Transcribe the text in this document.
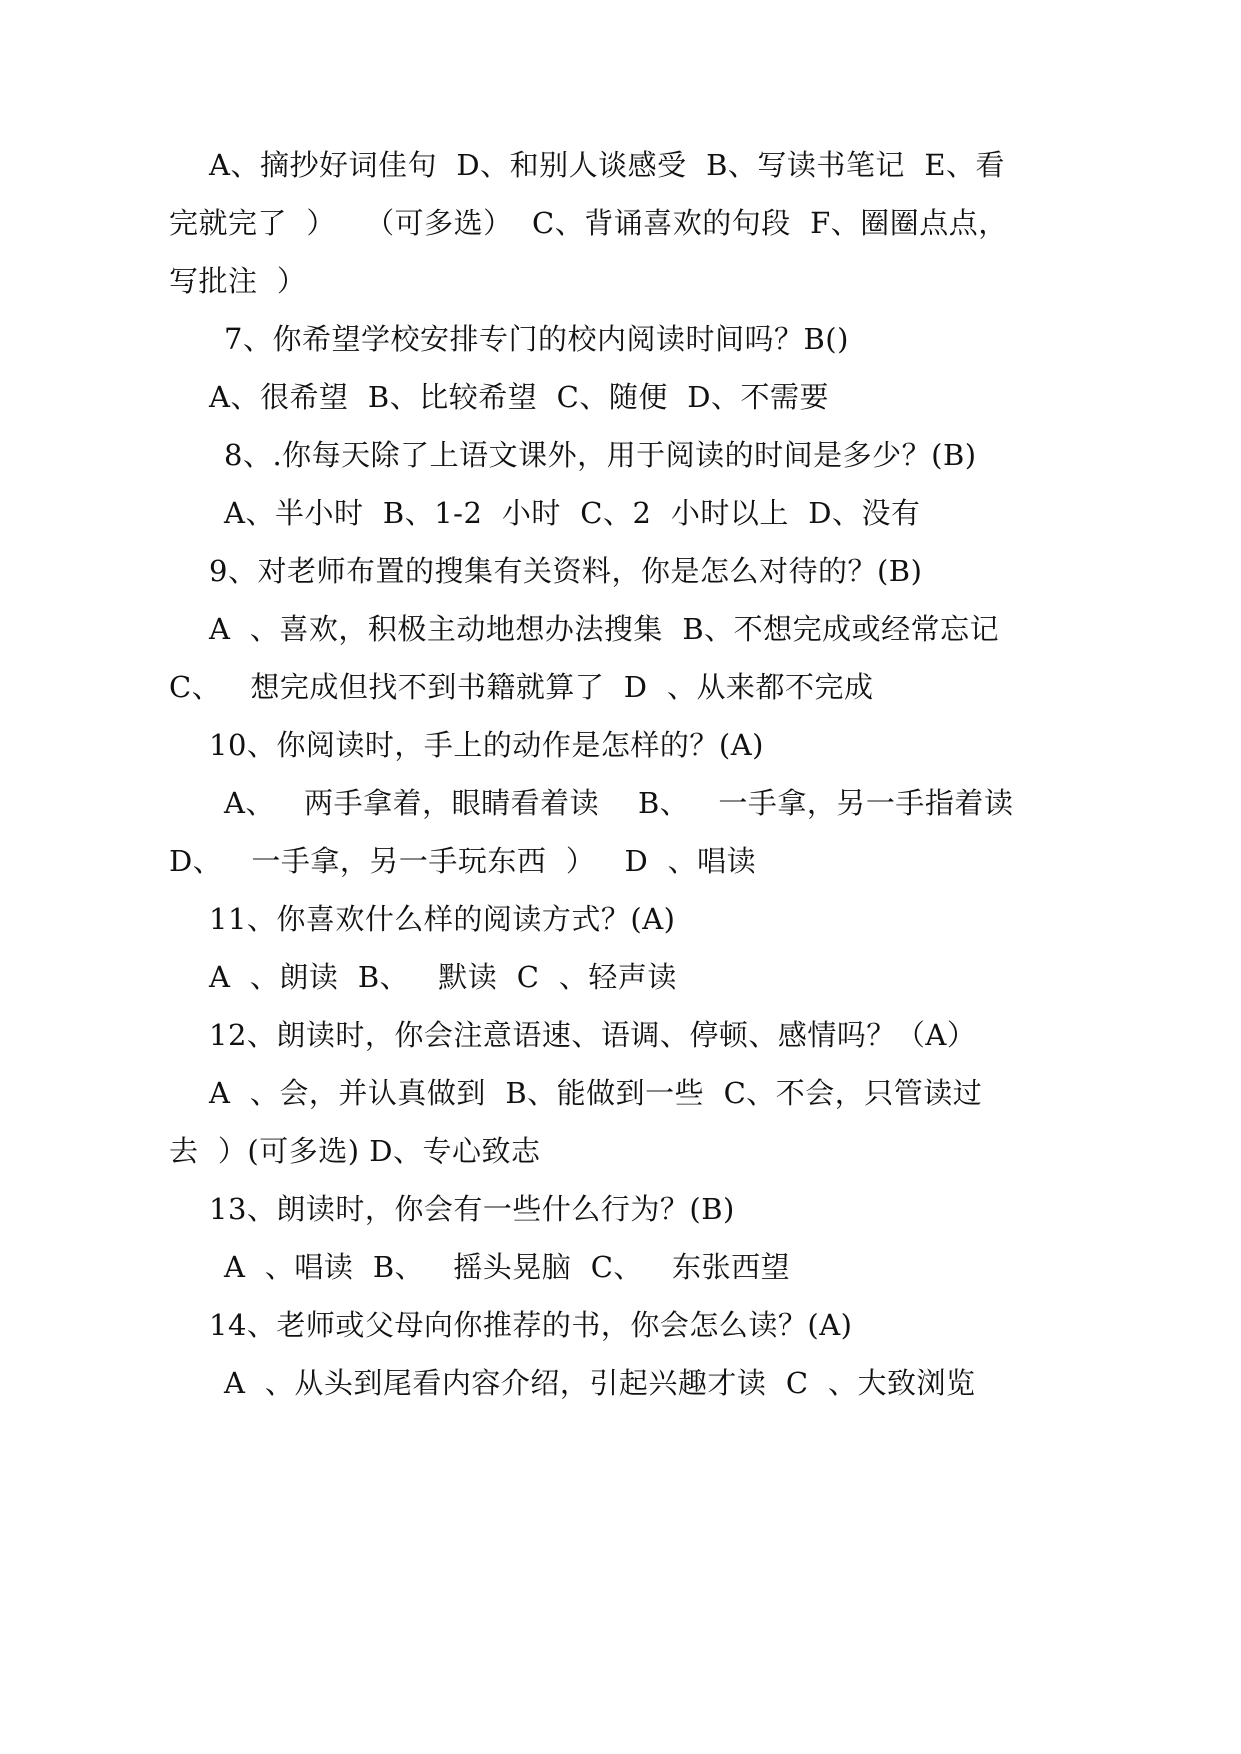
A、摘抄好词佳句  D、和别人谈感受  B、写读书笔记  E、看
完就完了  ）   （可多选）  C、背诵喜欢的句段  F、圈圈点点，
写批注  ）
7、你希望学校安排专门的校内阅读时间吗？B()
A、很希望  B、比较希望  C、随便  D、不需要
8、.你每天除了上语文课外，用于阅读的时间是多少？(B)
A、半小时  B、1-2  小时  C、2  小时以上  D、没有
9、对老师布置的搜集有关资料，你是怎么对待的？(B)
A  、喜欢，积极主动地想办法搜集  B、不想完成或经常忘记
C、   想完成但找不到书籍就算了  D  、从来都不完成
10、你阅读时，手上的动作是怎样的？(A)
A、   两手拿着，眼睛看着读    B、   一手拿，另一手指着读
D、   一手拿，另一手玩东西  ）   D  、唱读
11、你喜欢什么样的阅读方式？(A)
A  、朗读  B、   默读  C  、轻声读
12、朗读时，你会注意语速、语调、停顿、感情吗？（A）
A  、会，并认真做到  B、能做到一些  C、不会，只管读过
去  ）(可多选) D、专心致志
13、朗读时，你会有一些什么行为？(B)
A  、唱读  B、   摇头晃脑  C、   东张西望
14、老师或父母向你推荐的书，你会怎么读？(A)
A  、从头到尾看内容介绍，引起兴趣才读  C  、大致浏览
